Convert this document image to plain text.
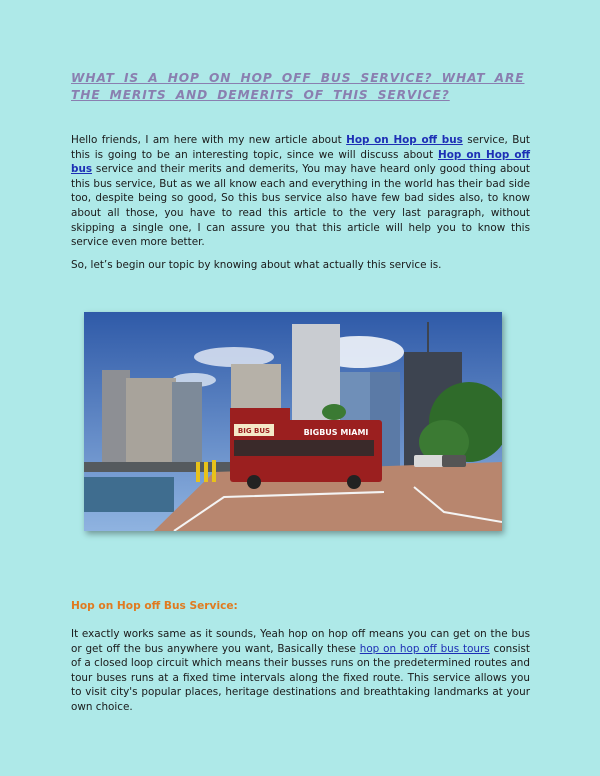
WHAT IS A HOP ON HOP OFF BUS SERVICE? WHAT ARE THE MERITS AND DEMERITS OF THIS SERVICE?

Hello friends, I am here with my new article about Hop on Hop off bus service, But this is going to be an interesting topic, since we will discuss about Hop on Hop off bus service and their merits and demerits, You may have heard only good thing about this bus service, But as we all know each and everything in the world has their bad side too, despite being so good, So this bus service also have few bad sides also, to know about all those, you have to read this article to the very last paragraph, without skipping a single one, I can assure you that this article will help you to know this service even more better.

So, let’s begin our topic by knowing about what actually this service is.

BIG BUS	BIGBUS MIAMI
Hop on Hop off Bus Service:

It exactly works same as it sounds, Yeah hop on hop off means you can get on the bus or get off the bus anywhere you want, Basically these hop on hop off bus tours consist of a closed loop circuit which means their busses runs on the predetermined routes and tour buses runs at a fixed time intervals along the fixed route. This service allows you to visit city's popular places, heritage destinations and breathtaking landmarks at your own choice.
